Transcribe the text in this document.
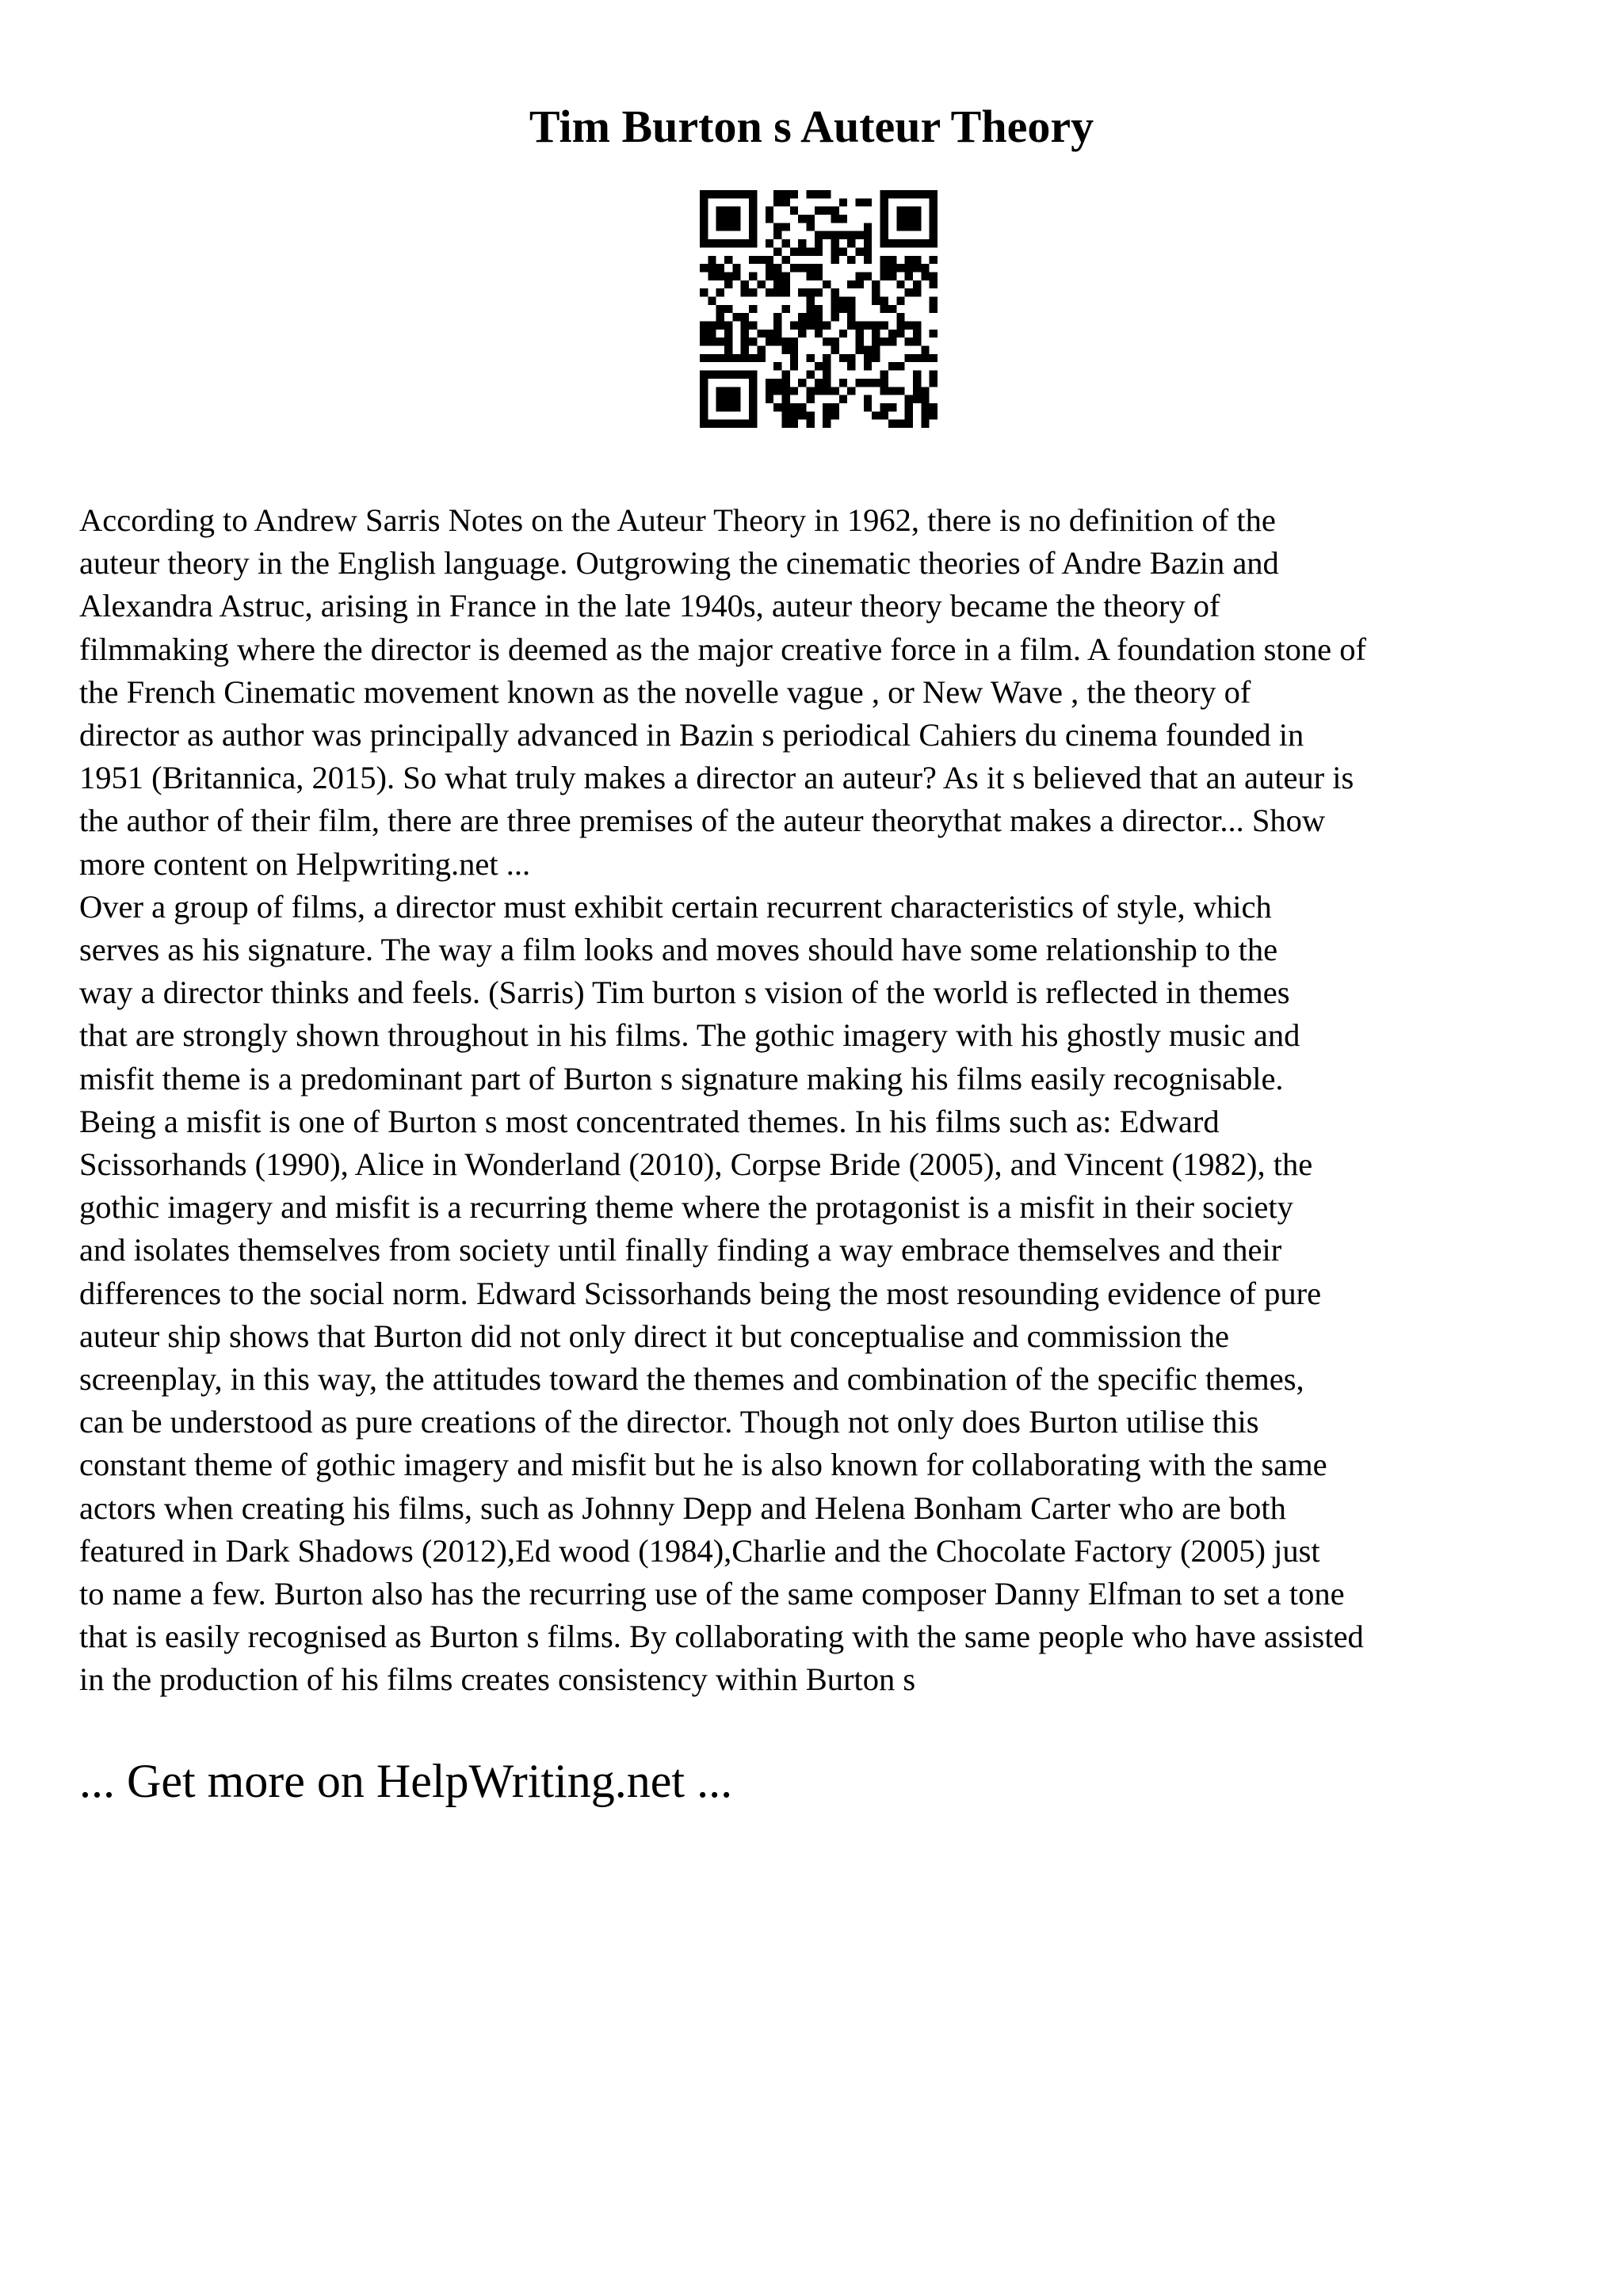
Tim Burton s Auteur Theory

According to Andrew Sarris Notes on the Auteur Theory in 1962, there is no definition of the
auteur theory in the English language. Outgrowing the cinematic theories of Andre Bazin and
Alexandra Astruc, arising in France in the late 1940s, auteur theory became the theory of
filmmaking where the director is deemed as the major creative force in a film. A foundation stone of
the French Cinematic movement known as the novelle vague , or New Wave , the theory of
director as author was principally advanced in Bazin s periodical Cahiers du cinema founded in
1951 (Britannica, 2015). So what truly makes a director an auteur? As it s believed that an auteur is
the author of their film, there are three premises of the auteur theorythat makes a director... Show
more content on Helpwriting.net ...

Over a group of films, a director must exhibit certain recurrent characteristics of style, which
serves as his signature. The way a film looks and moves should have some relationship to the
way a director thinks and feels. (Sarris) Tim burton s vision of the world is reflected in themes
that are strongly shown throughout in his films. The gothic imagery with his ghostly music and
misfit theme is a predominant part of Burton s signature making his films easily recognisable.
Being a misfit is one of Burton s most concentrated themes. In his films such as: Edward
Scissorhands (1990), Alice in Wonderland (2010), Corpse Bride (2005), and Vincent (1982), the
gothic imagery and misfit is a recurring theme where the protagonist is a misfit in their society
and isolates themselves from society until finally finding a way embrace themselves and their
differences to the social norm. Edward Scissorhands being the most resounding evidence of pure
auteur ship shows that Burton did not only direct it but conceptualise and commission the
screenplay, in this way, the attitudes toward the themes and combination of the specific themes,
can be understood as pure creations of the director. Though not only does Burton utilise this
constant theme of gothic imagery and misfit but he is also known for collaborating with the same
actors when creating his films, such as Johnny Depp and Helena Bonham Carter who are both
featured in Dark Shadows (2012),Ed wood (1984),Charlie and the Chocolate Factory (2005) just
to name a few. Burton also has the recurring use of the same composer Danny Elfman to set a tone
that is easily recognised as Burton s films. By collaborating with the same people who have assisted
in the production of his films creates consistency within Burton s

... Get more on HelpWriting.net ...
